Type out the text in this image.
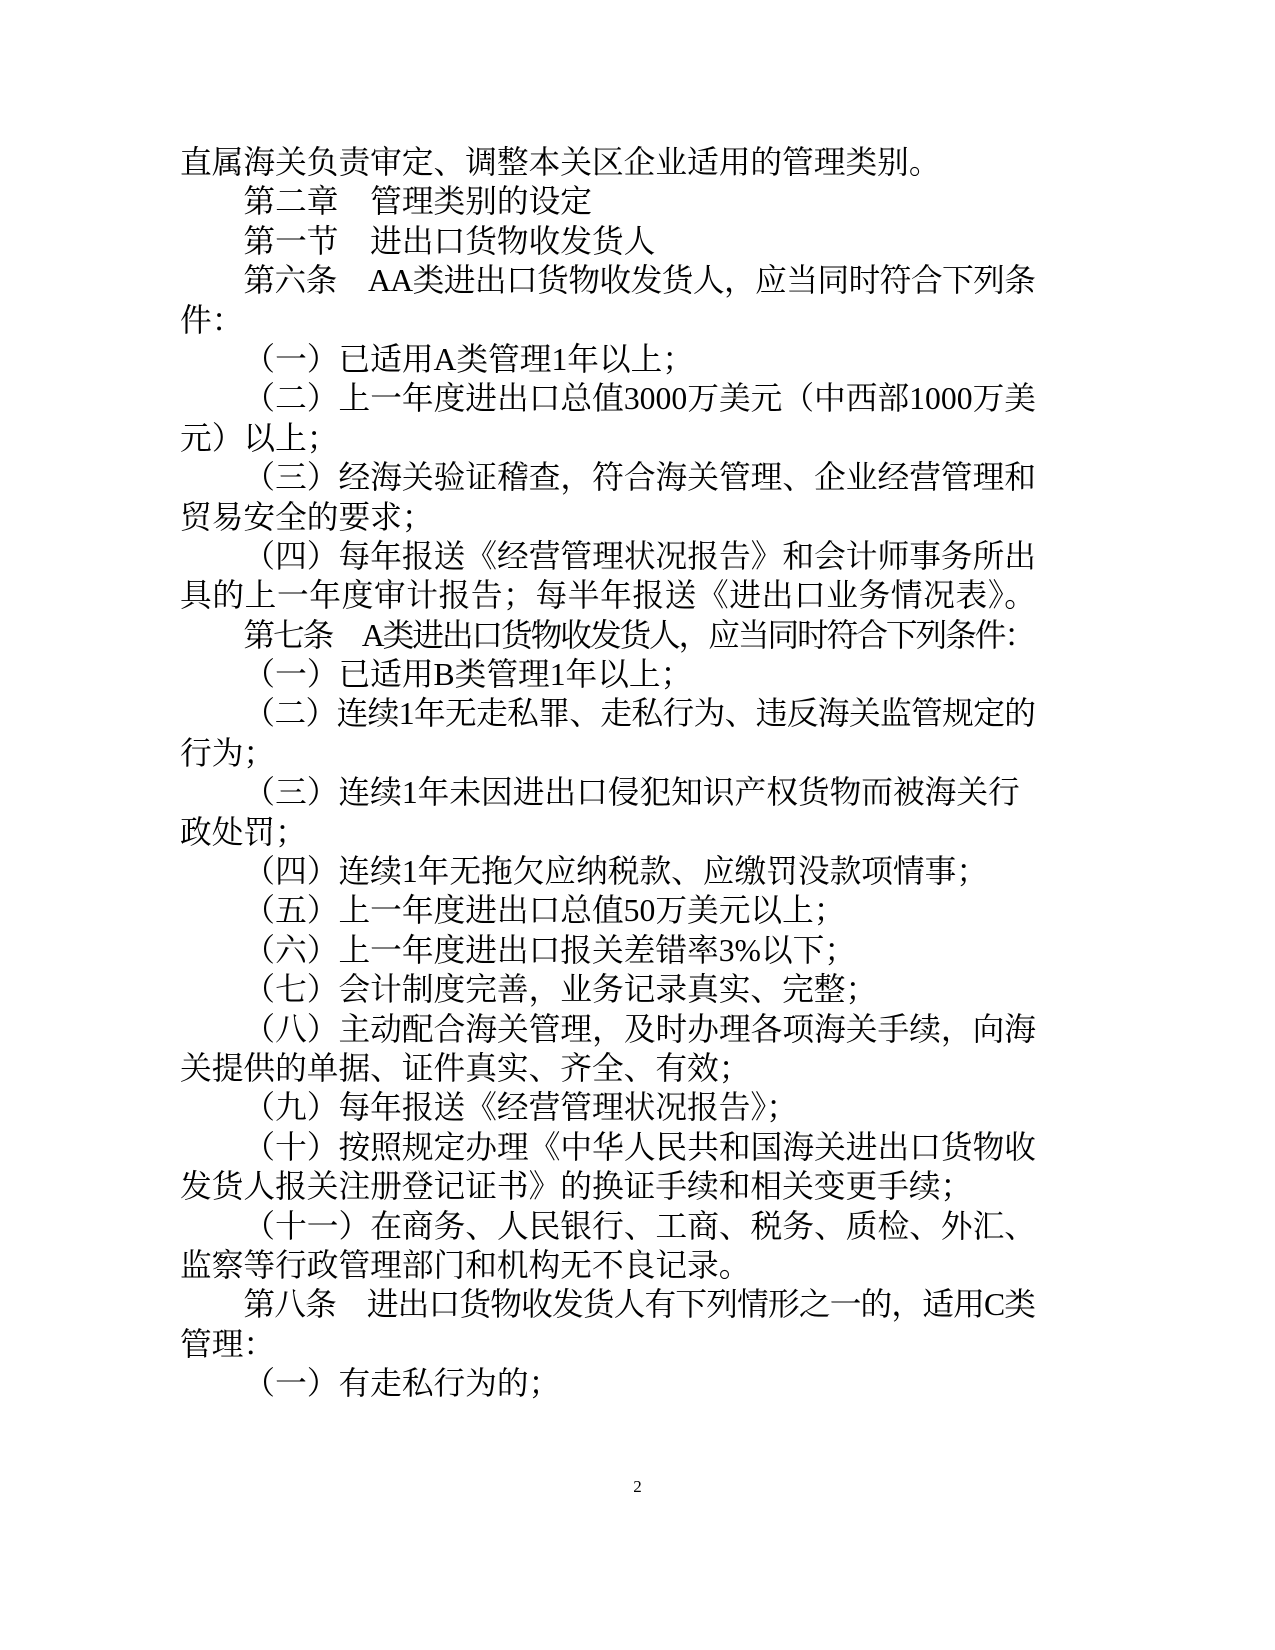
直属海关负责审定、调整本关区企业适用的管理类别。
第二章　管理类别的设定
第一节　进出口货物收发货人
第六条　AA类进出口货物收发货人，应当同时符合下列条
件：
（一）已适用A类管理1年以上；
（二）上一年度进出口总值3000万美元（中西部1000万美
元）以上；
（三）经海关验证稽查，符合海关管理、企业经营管理和
贸易安全的要求；
（四）每年报送《经营管理状况报告》和会计师事务所出
具的上一年度审计报告；每半年报送《进出口业务情况表》。
第七条　A类进出口货物收发货人，应当同时符合下列条件：
（一）已适用B类管理1年以上；
（二）连续1年无走私罪、走私行为、违反海关监管规定的
行为；
（三）连续1年未因进出口侵犯知识产权货物而被海关行
政处罚；
（四）连续1年无拖欠应纳税款、应缴罚没款项情事；
（五）上一年度进出口总值50万美元以上；
（六）上一年度进出口报关差错率3%以下；
（七）会计制度完善，业务记录真实、完整；
（八）主动配合海关管理，及时办理各项海关手续，向海
关提供的单据、证件真实、齐全、有效；
（九）每年报送《经营管理状况报告》；
（十）按照规定办理《中华人民共和国海关进出口货物收
发货人报关注册登记证书》的换证手续和相关变更手续；
（十一）在商务、人民银行、工商、税务、质检、外汇、
监察等行政管理部门和机构无不良记录。
第八条　进出口货物收发货人有下列情形之一的，适用C类
管理：
（一）有走私行为的；
2
